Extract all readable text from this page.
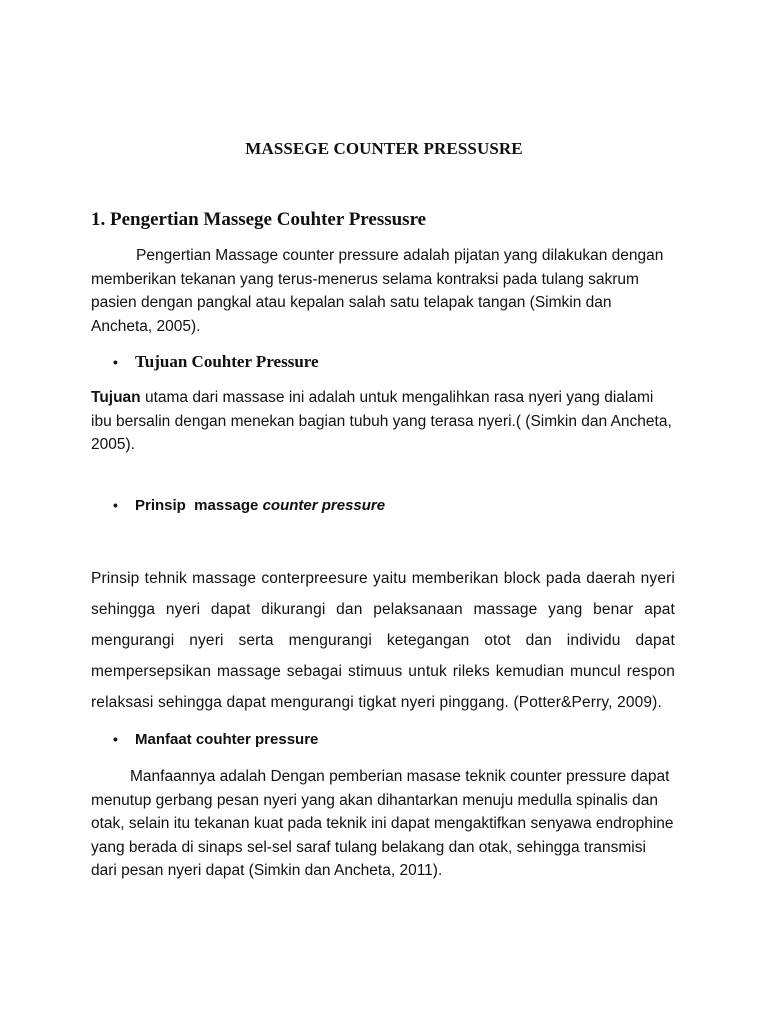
MASSEGE COUNTER PRESSUSRE
1. Pengertian Massege Couhter Pressusre

Pengertian Massage counter pressure adalah pijatan yang dilakukan dengan memberikan tekanan yang terus-menerus selama kontraksi pada tulang sakrum pasien dengan pangkal atau kepalan salah satu telapak tangan (Simkin dan Ancheta, 2005).

•	Tujuan Couhter Pressure

Tujuan utama dari massase ini adalah untuk mengalihkan rasa nyeri yang dialami ibu bersalin dengan menekan bagian tubuh yang terasa nyeri.( (Simkin dan Ancheta, 2005).

•	Prinsip  massage counter pressure

Prinsip tehnik massage conterpreesure yaitu memberikan block pada daerah nyeri sehingga nyeri dapat dikurangi dan pelaksanaan massage yang benar apat mengurangi nyeri serta mengurangi ketegangan otot dan individu dapat mempersepsikan massage sebagai stimuus untuk rileks kemudian muncul respon relaksasi sehingga dapat mengurangi tigkat nyeri pinggang. (Potter&Perry, 2009).

•	Manfaat couhter pressure

Manfaannya adalah Dengan pemberian masase teknik counter pressure dapat menutup gerbang pesan nyeri yang akan dihantarkan menuju medulla spinalis dan otak, selain itu tekanan kuat pada teknik ini dapat mengaktifkan senyawa endrophine yang berada di sinaps sel-sel saraf tulang belakang dan otak, sehingga transmisi dari pesan nyeri dapat (Simkin dan Ancheta, 2011).
